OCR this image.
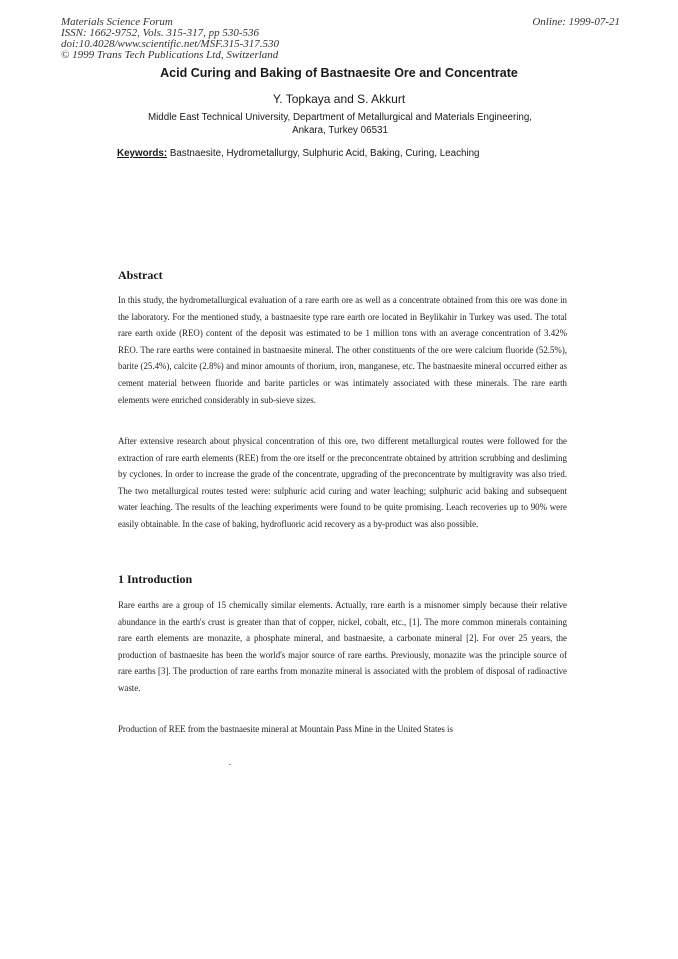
Materials Science Forum
ISSN: 1662-9752, Vols. 315-317, pp 530-536
doi:10.4028/www.scientific.net/MSF.315-317.530
© 1999 Trans Tech Publications Ltd, Switzerland
Online: 1999-07-21
Acid Curing and Baking of Bastnaesite Ore and Concentrate
Y. Topkaya and S. Akkurt
Middle East Technical University, Department of Metallurgical and Materials Engineering,
Ankara, Turkey 06531
Keywords: Bastnaesite, Hydrometallurgy, Sulphuric Acid, Baking, Curing, Leaching
Abstract
In this study, the hydrometallurgical evaluation of a rare earth ore as well as a concentrate obtained from this ore was done in the laboratory. For the mentioned study, a bastnaesite type rare earth ore located in Beylikahir in Turkey was used. The total rare earth oxide (REO) content of the deposit was estimated to be 1 million tons with an average concentration of 3.42% REO. The rare earths were contained in bastnaesite mineral. The other constituents of the ore were calcium fluoride (52.5%), barite (25.4%), calcite (2.8%) and minor amounts of thorium, iron, manganese, etc. The bastnaesite mineral occurred either as cement material between fluoride and barite particles or was intimately associated with these minerals. The rare earth elements were enriched considerably in sub-sieve sizes.
After extensive research about physical concentration of this ore, two different metallurgical routes were followed for the extraction of rare earth elements (REE) from the ore itself or the preconcentrate obtained by attrition scrubbing and desliming by cyclones. In order to increase the grade of the concentrate, upgrading of the preconcentrate by multigravity was also tried. The two metallurgical routes tested were: sulphuric acid curing and water leaching; sulphuric acid baking and subsequent water leaching. The results of the leaching experiments were found to be quite promising. Leach recoveries up to 90% were easily obtainable. In the case of baking, hydrofluoric acid recovery as a by-product was also possible.
1 Introduction
Rare earths are a group of 15 chemically similar elements. Actually, rare earth is a misnomer simply because their relative abundance in the earth's crust is greater than that of copper, nickel, cobalt, etc., [1]. The more common minerals containing rare earth elements are monazite, a phosphate mineral, and bastnaesite, a carbonate mineral [2]. For over 25 years, the production of bastnaesite has been the world's major source of rare earths. Previously, monazite was the principle source of rare earths [3]. The production of rare earths from monazite mineral is associated with the problem of disposal of radioactive waste.
Production of REE from the bastnaesite mineral at Mountain Pass Mine in the United States is
